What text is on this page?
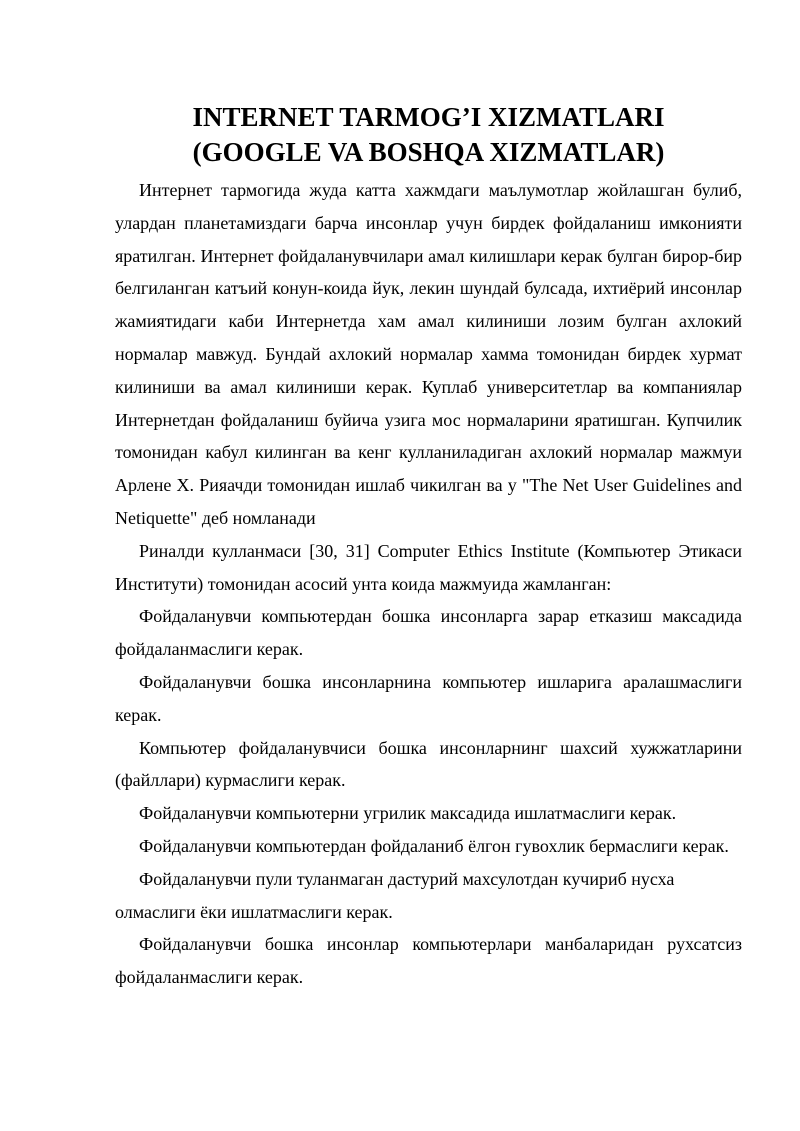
INTERNET TARMOG’I XIZMATLARI
(GOOGLE VA BOSHQA XIZMATLAR)

Интернет тармогида жуда катта хажмдаги маълумотлар жойлашган булиб, улардан планетамиздаги барча инсонлар учун бирдек фойдаланиш имконияти яратилган. Интернет фойдаланувчилари амал килишлари керак булган бирор-бир белгиланган катъий конун-коида йук, лекин шундай булсада, ихтиёрий инсонлар жамиятидаги каби Интернетда хам амал килиниши лозим булган ахлокий нормалар мавжуд. Бундай ахлокий нормалар хамма томонидан бирдек хурмат килиниши ва амал килиниши керак. Куплаб университетлар ва компаниялар Интернетдан фойдаланиш буйича узига мос нормаларини яратишган. Купчилик томонидан кабул килинган ва кенг кулланиладиган ахлокий нормалар мажмуи Арлене Х. Рияачди томонидан ишлаб чикилган ва у "The Net User Guidelines and Netiquette" деб номланади

Риналди кулланмаси [30, 31] Computer Ethics Institute (Компьютер Этикаси Институти) томонидан асосий унта коида мажмуида жамланган:

Фойдаланувчи компьютердан бошка инсонларга зарар етказиш максадида фойдаланмаслиги керак.

Фойдаланувчи бошка инсонларнина компьютер ишларига аралашмаслиги керак.

Компьютер фойдаланувчиси бошка инсонларнинг шахсий хужжатларини (файллари) курмаслиги керак.

Фойдаланувчи компьютерни угрилик максадида ишлатмаслиги керак.

Фойдаланувчи компьютердан фойдаланиб ёлгон гувохлик бермаслиги керак.

Фойдаланувчи пули туланмаган дастурий махсулотдан кучириб нусха олмаслиги ёки ишлатмаслиги керак.

Фойдаланувчи бошка инсонлар компьютерлари манбаларидан рухсатсиз фойдаланмаслиги керак.
